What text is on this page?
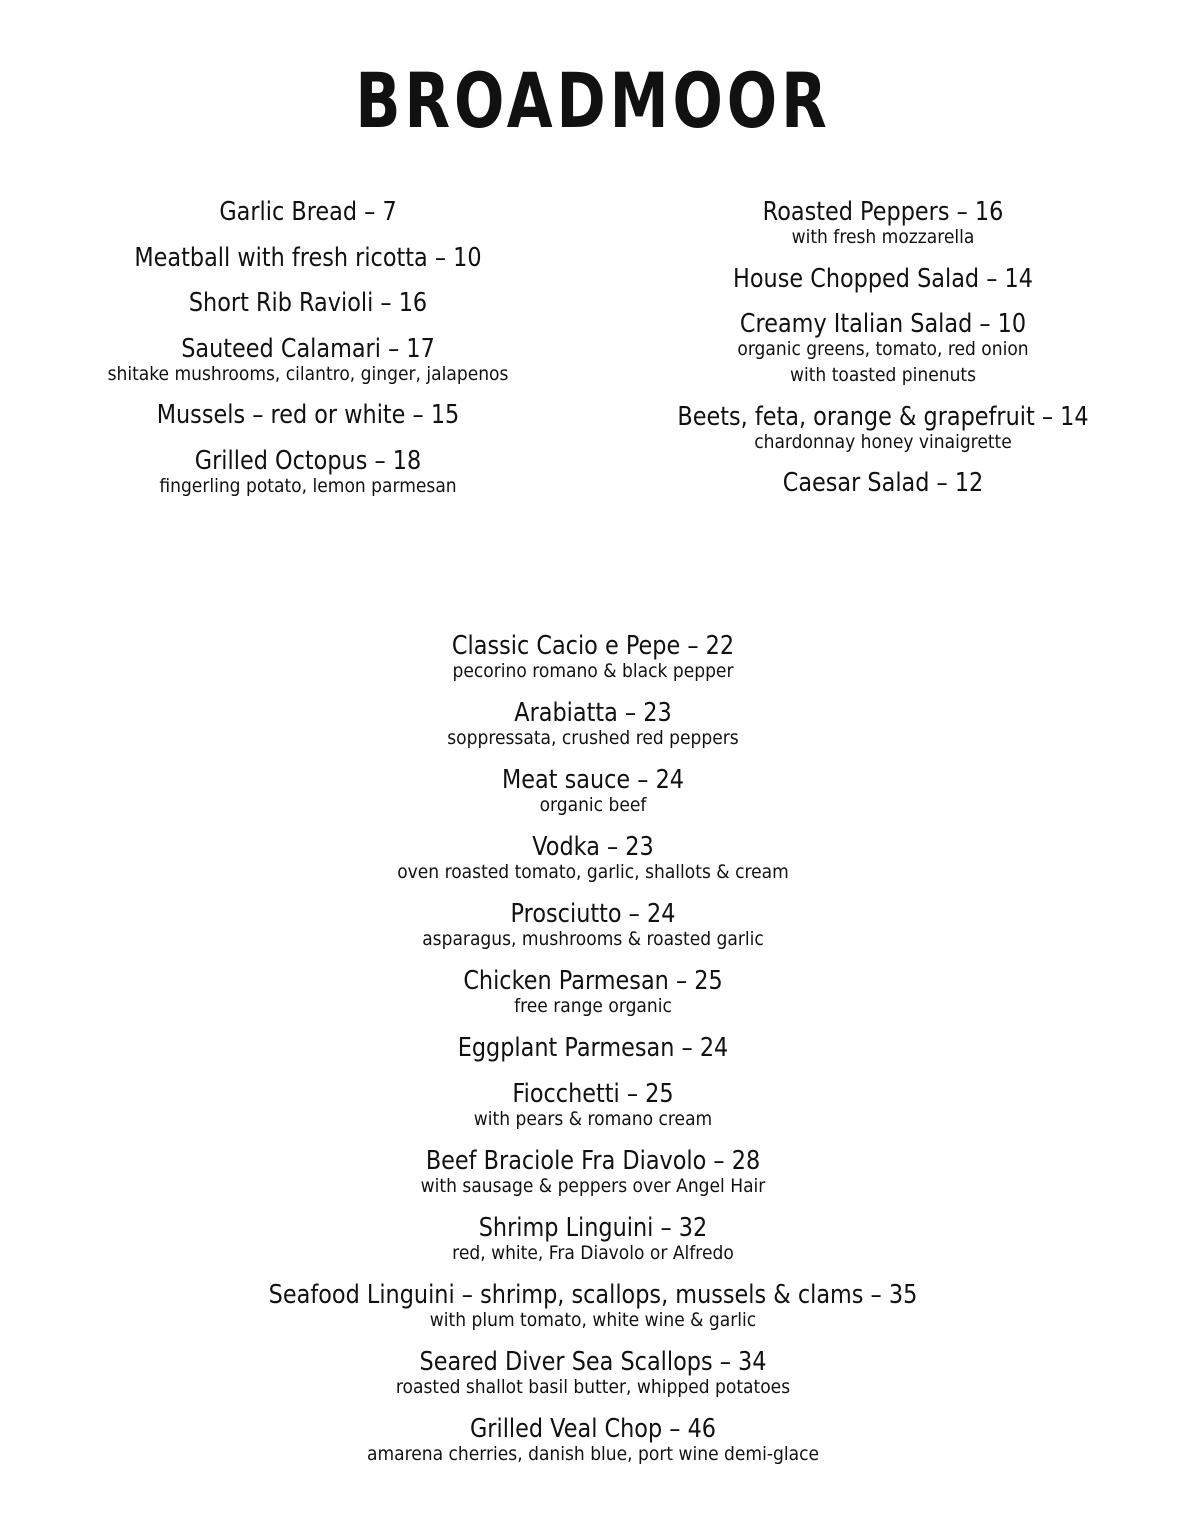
BROADMOOR
Garlic Bread – 7
Meatball with fresh ricotta – 10
Short Rib Ravioli – 16
Sauteed Calamari – 17
shitake mushrooms, cilantro, ginger, jalapenos
Mussels – red or white – 15
Grilled Octopus – 18
fingerling potato, lemon parmesan
Roasted Peppers – 16
with fresh mozzarella
House Chopped Salad – 14
Creamy Italian Salad – 10
organic greens, tomato, red onion
with toasted pinenuts
Beets, feta, orange & grapefruit – 14
chardonnay honey vinaigrette
Caesar Salad – 12
Classic Cacio e Pepe – 22
pecorino romano & black pepper
Arabiatta – 23
soppressata, crushed red peppers
Meat sauce – 24
organic beef
Vodka – 23
oven roasted tomato, garlic, shallots & cream
Prosciutto – 24
asparagus, mushrooms & roasted garlic
Chicken Parmesan – 25
free range organic
Eggplant Parmesan – 24
Fiocchetti – 25
with pears & romano cream
Beef Braciole Fra Diavolo – 28
with sausage & peppers over Angel Hair
Shrimp Linguini – 32
red, white, Fra Diavolo or Alfredo
Seafood Linguini – shrimp, scallops, mussels & clams – 35
with plum tomato, white wine & garlic
Seared Diver Sea Scallops – 34
roasted shallot basil butter, whipped potatoes
Grilled Veal Chop – 46
amarena cherries, danish blue, port wine demi-glace
